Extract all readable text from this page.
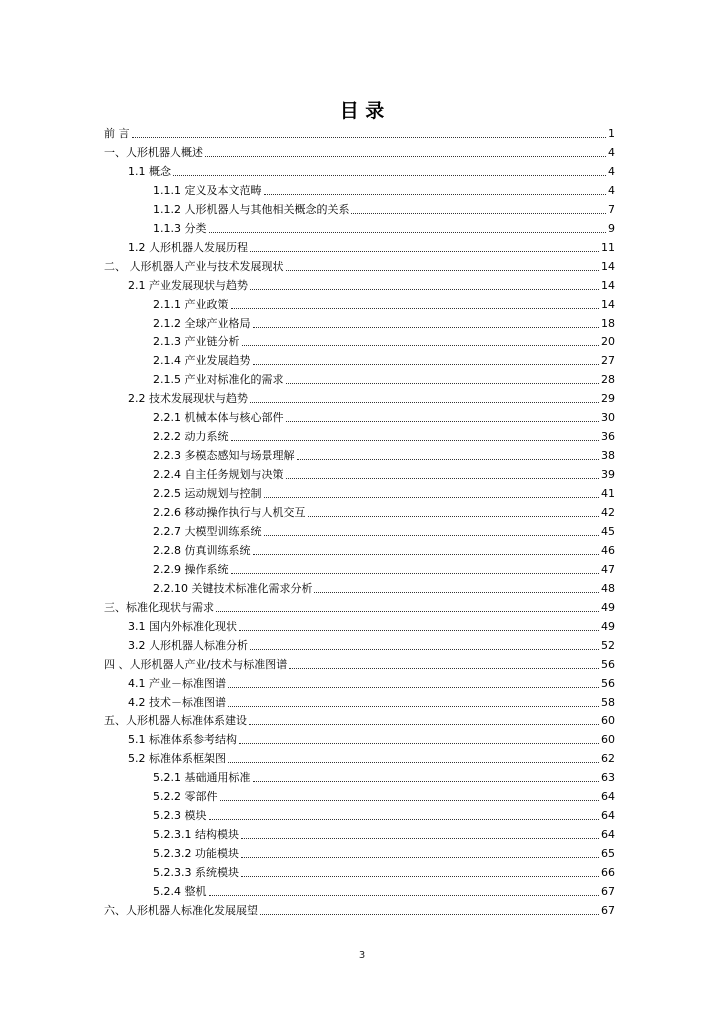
目 录
前 言	1
一、人形机器人概述	4
1.1 概念	4
1.1.1 定义及本文范畴	4
1.1.2 人形机器人与其他相关概念的关系	7
1.1.3 分类	9
1.2 人形机器人发展历程	11
二、 人形机器人产业与技术发展现状	14
2.1 产业发展现状与趋势	14
2.1.1 产业政策	14
2.1.2 全球产业格局	18
2.1.3 产业链分析	20
2.1.4 产业发展趋势	27
2.1.5 产业对标准化的需求	28
2.2 技术发展现状与趋势	29
2.2.1 机械本体与核心部件	30
2.2.2 动力系统	36
2.2.3 多模态感知与场景理解	38
2.2.4 自主任务规划与决策	39
2.2.5 运动规划与控制	41
2.2.6 移动操作执行与人机交互	42
2.2.7 大模型训练系统	45
2.2.8 仿真训练系统	46
2.2.9 操作系统	47
2.2.10 关键技术标准化需求分析	48
三、标准化现状与需求	49
3.1 国内外标准化现状	49
3.2 人形机器人标准分析	52
四 、人形机器人产业/技术与标准图谱	56
4.1 产业－标准图谱	56
4.2 技术－标准图谱	58
五、人形机器人标准体系建设	60
5.1 标准体系参考结构	60
5.2 标准体系框架图	62
5.2.1 基础通用标准	63
5.2.2 零部件	64
5.2.3 模块	64
5.2.3.1 结构模块	64
5.2.3.2 功能模块	65
5.2.3.3 系统模块	66
5.2.4 整机	67
六、人形机器人标准化发展展望	67
3
